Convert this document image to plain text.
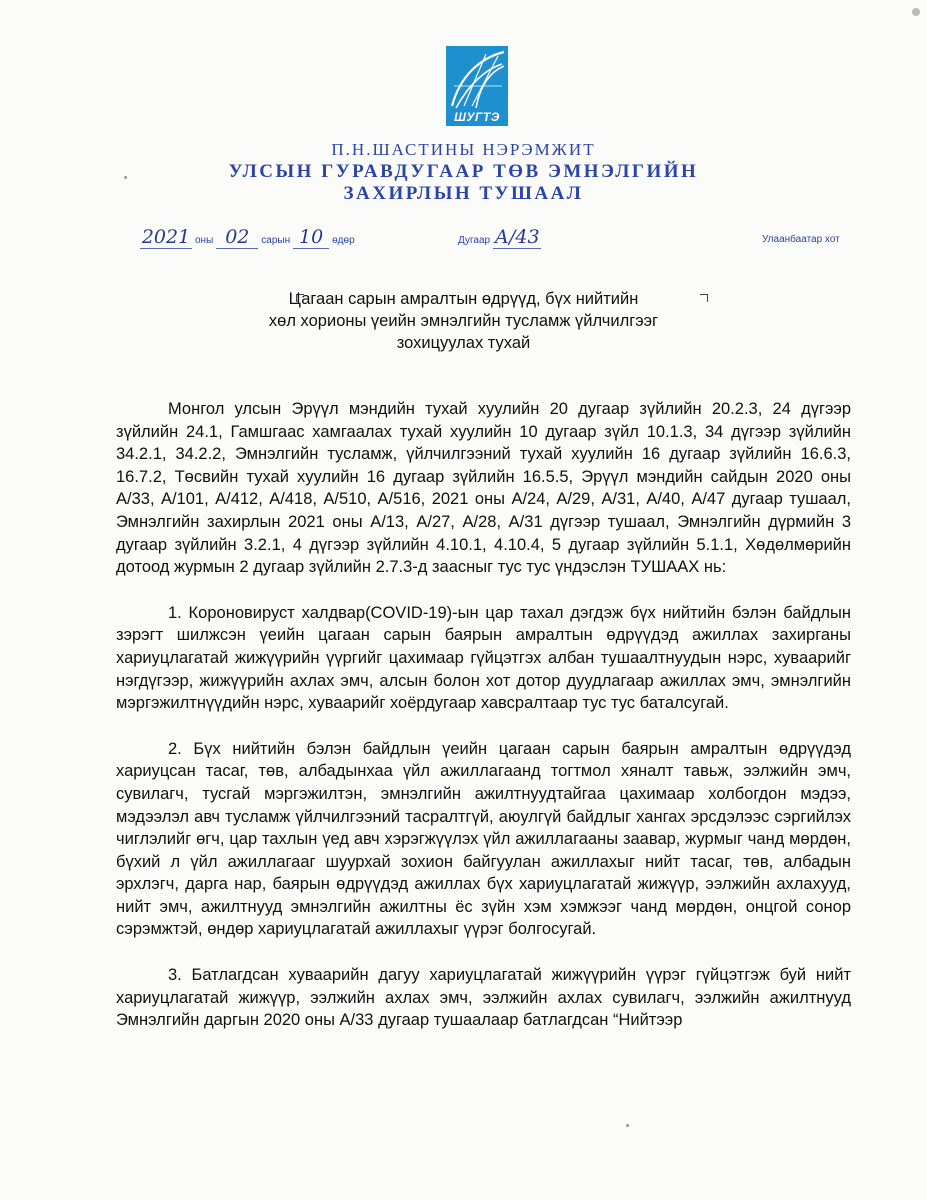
ШУГТЭ
П.Н.ШАСТИНЫ НЭРЭМЖИТ
УЛСЫН ГУРАВДУГААР ТӨВ ЭМНЭЛГИЙН
ЗАХИРЛЫН ТУШААЛ
2021 оны 02 сарын 10 өдөр	Дугаар А/43	Улаанбаатар хот
Цагаан сарын амралтын өдрүүд, бүх нийтийн
хөл хорионы үеийн эмнэлгийн тусламж үйлчилгээг
зохицуулах тухай

Монгол улсын Эрүүл мэндийн тухай хуулийн 20 дугаар зүйлийн 20.2.3, 24 дүгээр зүйлийн 24.1, Гамшгаас хамгаалах тухай хуулийн 10 дугаар зүйл 10.1.3, 34 дүгээр зүйлийн 34.2.1, 34.2.2, Эмнэлгийн тусламж, үйлчилгээний тухай хуулийн 16 дугаар зүйлийн 16.6.3, 16.7.2, Төсвийн тухай хуулийн 16 дугаар зүйлийн 16.5.5, Эрүүл мэндийн сайдын 2020 оны А/33, А/101, А/412, А/418, А/510, А/516, 2021 оны А/24, А/29, А/31, А/40, А/47 дугаар тушаал, Эмнэлгийн захирлын 2021 оны А/13, А/27, А/28, А/31 дүгээр тушаал, Эмнэлгийн дүрмийн 3 дугаар зүйлийн 3.2.1, 4 дүгээр зүйлийн 4.10.1, 4.10.4, 5 дугаар зүйлийн 5.1.1, Хөдөлмөрийн дотоод журмын 2 дугаар зүйлийн 2.7.3-д заасныг тус тус үндэслэн ТУШААХ нь:

1. Короновируст халдвар(COVID-19)-ын цар тахал дэгдэж бүх нийтийн бэлэн байдлын зэрэгт шилжсэн үеийн цагаан сарын баярын амралтын өдрүүдэд ажиллах захирганы хариуцлагатай жижүүрийн үүргийг цахимаар гүйцэтгэх албан тушаалтнуудын нэрс, хуваарийг нэгдүгээр, жижүүрийн ахлах эмч, алсын болон хот дотор дуудлагаар ажиллах эмч, эмнэлгийн мэргэжилтнүүдийн нэрс, хуваарийг хоёрдугаар хавсралтаар тус тус баталсугай.

2. Бүх нийтийн бэлэн байдлын үеийн цагаан сарын баярын амралтын өдрүүдэд хариуцсан тасаг, төв, албадынхаа үйл ажиллагаанд тогтмол хяналт тавьж, ээлжийн эмч, сувилагч, тусгай мэргэжилтэн, эмнэлгийн ажилтнуудтайгаа цахимаар холбогдон мэдээ, мэдээлэл авч тусламж үйлчилгээний тасралтгүй, аюулгүй байдлыг хангах эрсдэлээс сэргийлэх чиглэлийг өгч, цар тахлын үед авч хэрэгжүүлэх үйл ажиллагааны заавар, журмыг чанд мөрдөн, бүхий л үйл ажиллагааг шуурхай зохион байгуулан ажиллахыг нийт тасаг, төв, албадын эрхлэгч, дарга нар, баярын өдрүүдэд ажиллах бүх хариуцлагатай жижүүр, ээлжийн ахлахууд, нийт эмч, ажилтнууд эмнэлгийн ажилтны ёс зүйн хэм хэмжээг чанд мөрдөн, онцгой сонор сэрэмжтэй, өндөр хариуцлагатай ажиллахыг үүрэг болгосугай.

3. Батлагдсан хуваарийн дагуу хариуцлагатай жижүүрийн үүрэг гүйцэтгэж буй нийт хариуцлагатай жижүүр, ээлжийн ахлах эмч, ээлжийн ахлах сувилагч, ээлжийн ажилтнууд Эмнэлгийн даргын 2020 оны А/33 дугаар тушаалаар батлагдсан “Нийтээр
